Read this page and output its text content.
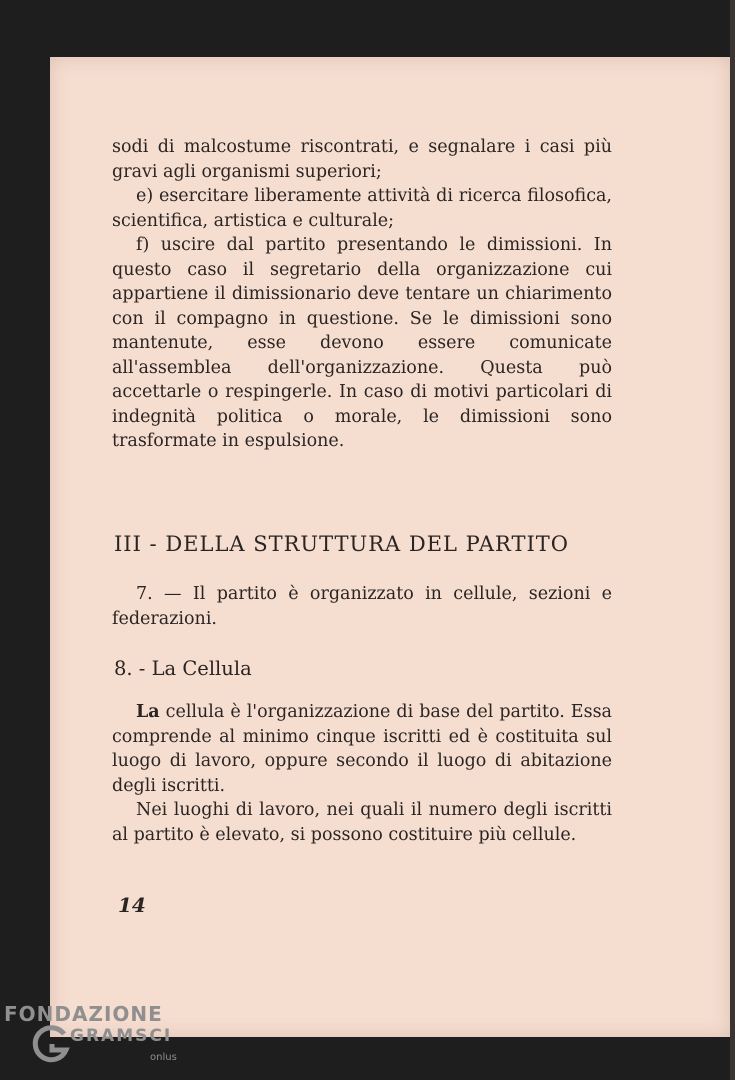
sodi di malcostume riscontrati, e segnalare i casi più gravi agli organismi superiori;

e) esercitare liberamente attività di ricerca filosofica, scientifica, artistica e culturale;

f) uscire dal partito presentando le dimissioni. In questo caso il segretario della organizzazione cui appartiene il dimissionario deve tentare un chiarimento con il compagno in questione. Se le dimissioni sono mantenute, esse devono essere comunicate all'assemblea dell'organizzazione. Questa può accettarle o respingerle. In caso di motivi particolari di indegnità politica o morale, le dimissioni sono trasformate in espulsione.

III - DELLA STRUTTURA DEL PARTITO

7. — Il partito è organizzato in cellule, sezioni e federazioni.

8. - La Cellula

La cellula è l'organizzazione di base del partito. Essa comprende al minimo cinque iscritti ed è costituita sul luogo di lavoro, oppure secondo il luogo di abitazione degli iscritti.

Nei luoghi di lavoro, nei quali il numero degli iscritti al partito è elevato, si possono costituire più cellule.

14
FONDAZIONE
GRAMSCI
onlus
